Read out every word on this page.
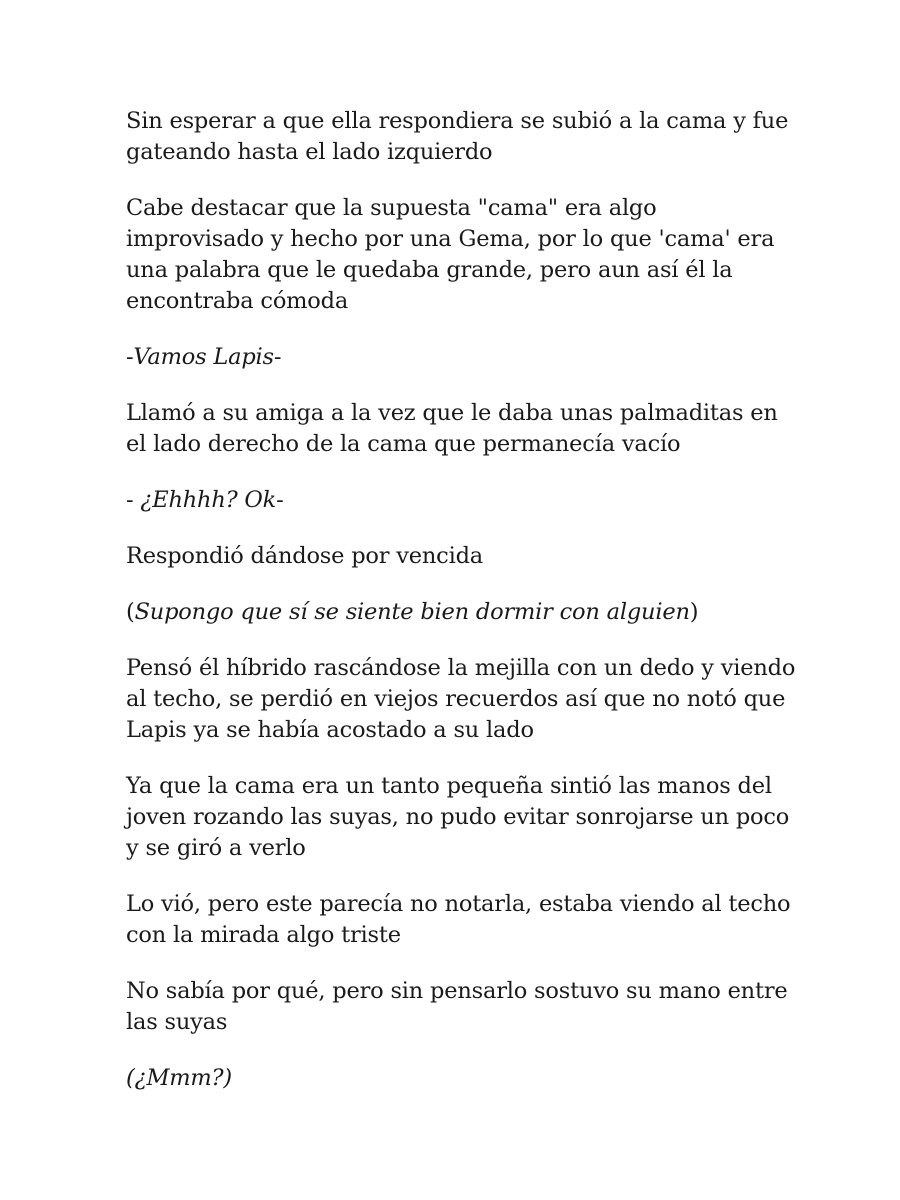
Sin esperar a que ella respondiera se subió a la cama y fue gateando hasta el lado izquierdo

Cabe destacar que la supuesta "cama" era algo improvisado y hecho por una Gema, por lo que 'cama' era una palabra que le quedaba grande, pero aun así él la encontraba cómoda

-Vamos Lapis-

Llamó a su amiga a la vez que le daba unas palmaditas en el lado derecho de la cama que permanecía vacío

- ¿Ehhhh? Ok-

Respondió dándose por vencida

(Supongo que sí se siente bien dormir con alguien)

Pensó él híbrido rascándose la mejilla con un dedo y viendo al techo, se perdió en viejos recuerdos así que no notó que Lapis ya se había acostado a su lado

Ya que la cama era un tanto pequeña sintió las manos del joven rozando las suyas, no pudo evitar sonrojarse un poco y se giró a verlo

Lo vió, pero este parecía no notarla, estaba viendo al techo con la mirada algo triste

No sabía por qué, pero sin pensarlo sostuvo su mano entre las suyas

(¿Mmm?)
